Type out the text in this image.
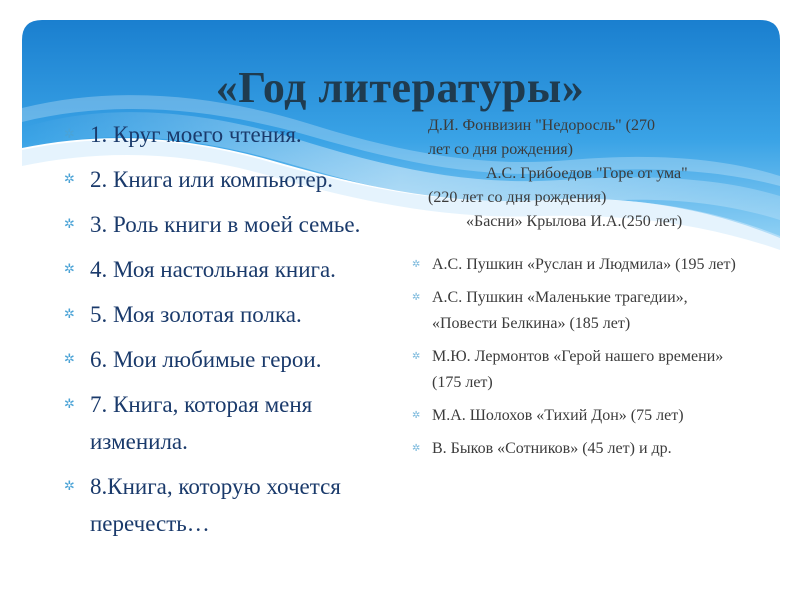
«Год литературы»
✲ 1. Круг моего чтения.
✲ 2. Книга или компьютер.
✲ 3. Роль книги в моей семье.
✲ 4. Моя настольная книга.
✲ 5. Моя золотая полка.
✲ 6. Мои любимые герои.
✲ 7. Книга, которая меня изменила.
✲ 8.Книга, которую хочется перечесть…
Д.И. Фонвизин "Недоросль" (270
лет со дня рождения)
А.С. Грибоедов "Горе от ума"
(220 лет со дня рождения)
«Басни» Крылова И.А.(250 лет)
✲ А.С. Пушкин «Руслан и Людмила» (195 лет)
✲ А.С. Пушкин «Маленькие трагедии», «Повести Белкина» (185 лет)
✲ М.Ю. Лермонтов «Герой нашего времени» (175 лет)
✲ М.А. Шолохов «Тихий Дон» (75 лет)
✲ В. Быков «Сотников» (45 лет) и др.
